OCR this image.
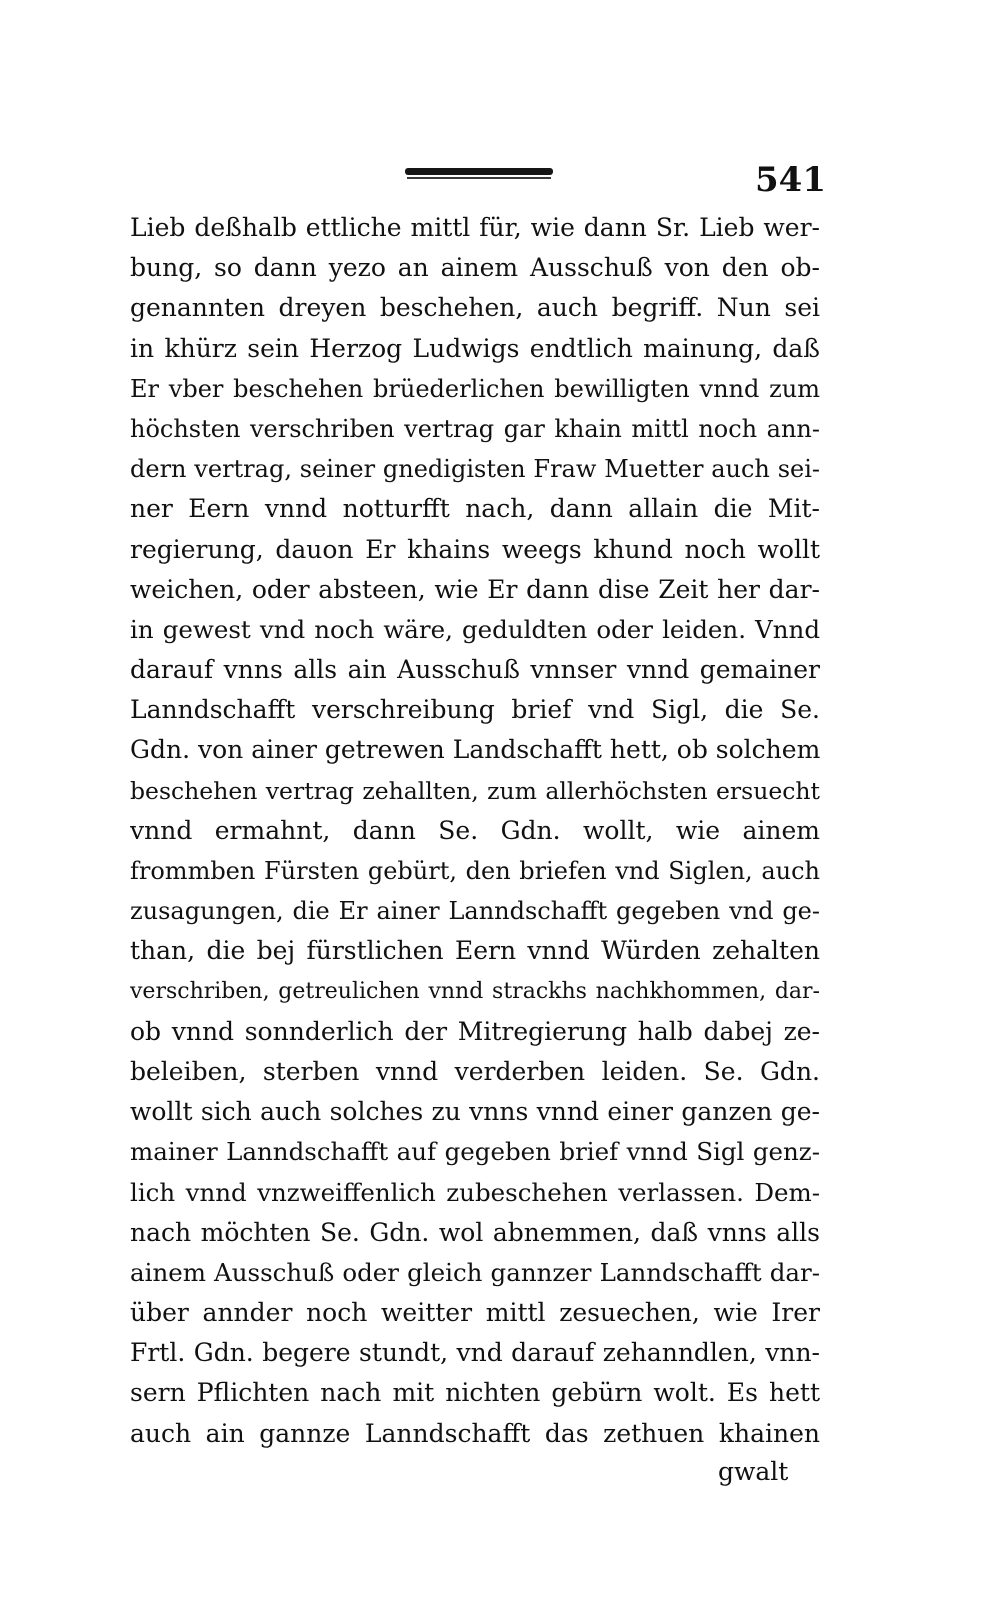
541
Lieb deßhalb ettliche mittl für, wie dann Sr. Lieb wer-
bung, so dann yezo an ainem Ausschuß von den ob-
genannten dreyen beschehen, auch begriff. Nun sei
in khürz sein Herzog Ludwigs endtlich mainung, daß
Er vber beschehen brüederlichen bewilligten vnnd zum
höchsten verschriben vertrag gar khain mittl noch ann-
dern vertrag, seiner gnedigisten Fraw Muetter auch sei-
ner Eern vnnd notturfft nach, dann allain die Mit-
regierung, dauon Er khains weegs khund noch wollt
weichen, oder absteen, wie Er dann dise Zeit her dar-
in gewest vnd noch wäre, geduldten oder leiden. Vnnd
darauf vnns alls ain Ausschuß vnnser vnnd gemainer
Lanndschafft verschreibung brief vnd Sigl, die Se.
Gdn. von ainer getrewen Landschafft hett, ob solchem
beschehen vertrag zehallten, zum allerhöchsten ersuecht
vnnd ermahnt, dann Se. Gdn. wollt, wie ainem
frommben Fürsten gebürt, den briefen vnd Siglen, auch
zusagungen, die Er ainer Lanndschafft gegeben vnd ge-
than, die bej fürstlichen Eern vnnd Würden zehalten
verschriben, getreulichen vnnd strackhs nachkhommen, dar-
ob vnnd sonnderlich der Mitregierung halb dabej ze-
beleiben, sterben vnnd verderben leiden. Se. Gdn.
wollt sich auch solches zu vnns vnnd einer ganzen ge-
mainer Lanndschafft auf gegeben brief vnnd Sigl genz-
lich vnnd vnzweiffenlich zubeschehen verlassen. Dem-
nach möchten Se. Gdn. wol abnemmen, daß vnns alls
ainem Ausschuß oder gleich gannzer Lanndschafft dar-
über annder noch weitter mittl zesuechen, wie Irer
Frtl. Gdn. begere stundt, vnd darauf zehanndlen, vnn-
sern Pflichten nach mit nichten gebürn wolt. Es hett
auch ain gannze Lanndschafft das zethuen khainen
gwalt
